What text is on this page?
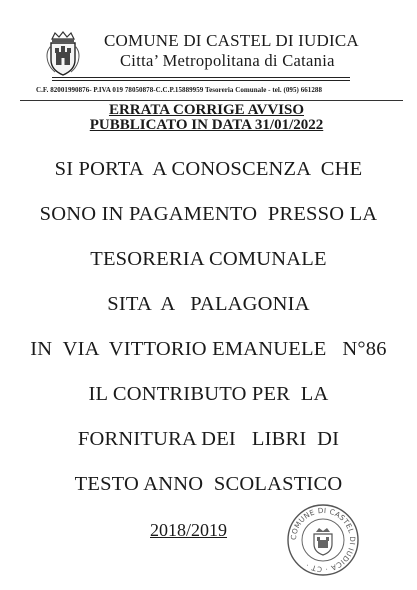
COMUNE DI CASTEL DI IUDICA
Citta’ Metropolitana di Catania
C.F. 82001990876- P.IVA 019 78050878-C.C.P.15889959 Tesoreria Comunale - tel. (095) 661288
ERRATA CORRIGE AVVISO
PUBBLICATO IN DATA 31/01/2022
SI PORTA  A CONOSCENZA  CHE
SONO IN PAGAMENTO  PRESSO LA
TESORERIA COMUNALE
SITA  A   PALAGONIA
IN  VIA  VITTORIO EMANUELE   N°86
IL CONTRIBUTO PER  LA
FORNITURA DEI   LIBRI  DI
TESTO ANNO  SCOLASTICO
2018/2019	COMUNE DI CASTEL DI IUDICA · CT ·
